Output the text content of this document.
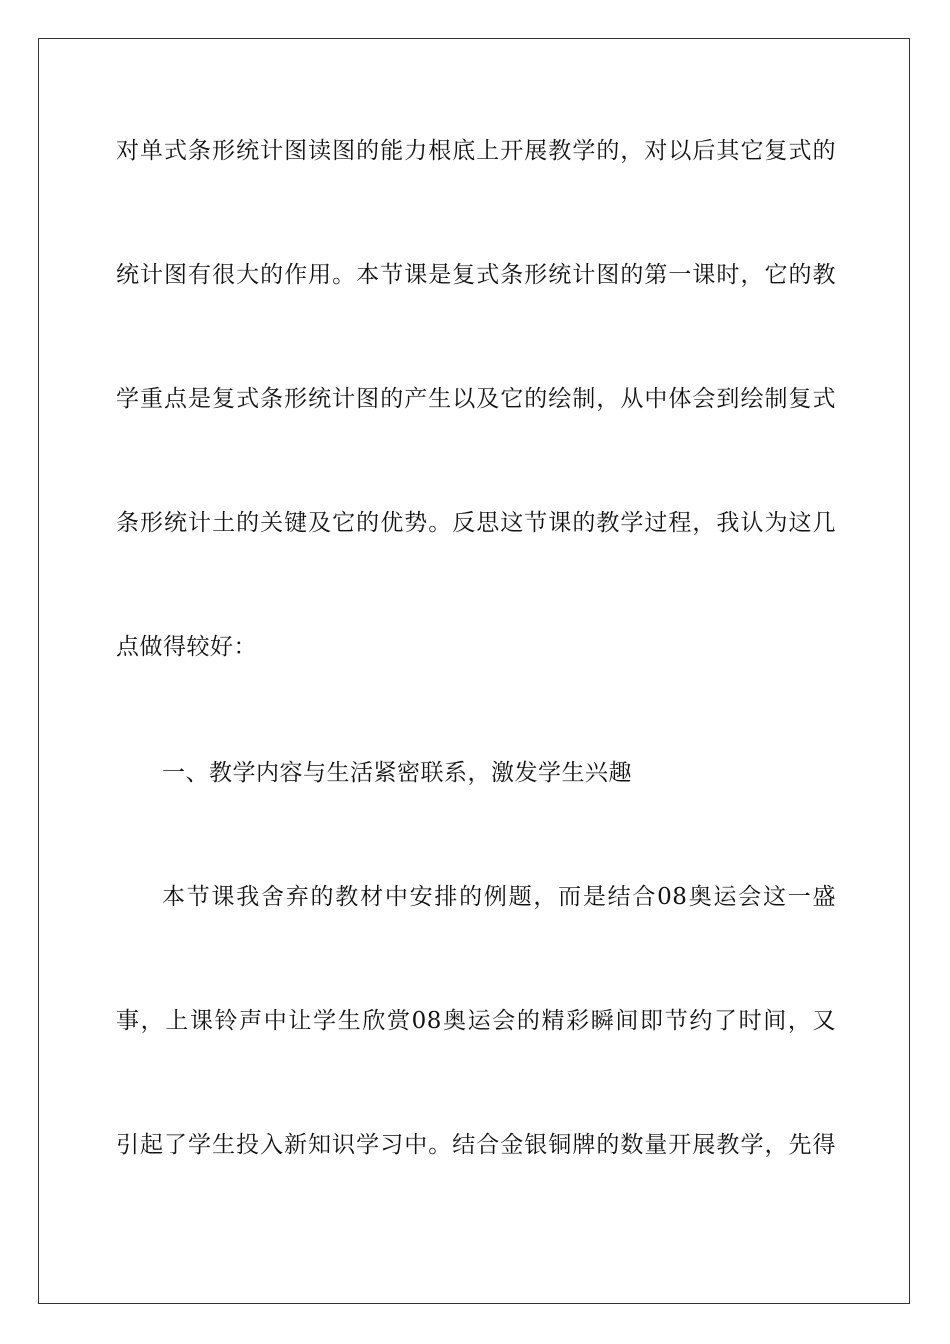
对单式条形统计图读图的能力根底上开展教学的，对以后其它复式的
统计图有很大的作用。本节课是复式条形统计图的第一课时，它的教
学重点是复式条形统计图的产生以及它的绘制，从中体会到绘制复式
条形统计土的关键及它的优势。反思这节课的教学过程，我认为这几
点做得较好：
一、教学内容与生活紧密联系，激发学生兴趣
本节课我舍弃的教材中安排的例题，而是结合08奥运会这一盛
事，上课铃声中让学生欣赏08奥运会的精彩瞬间即节约了时间，又
引起了学生投入新知识学习中。结合金银铜牌的数量开展教学，先得
